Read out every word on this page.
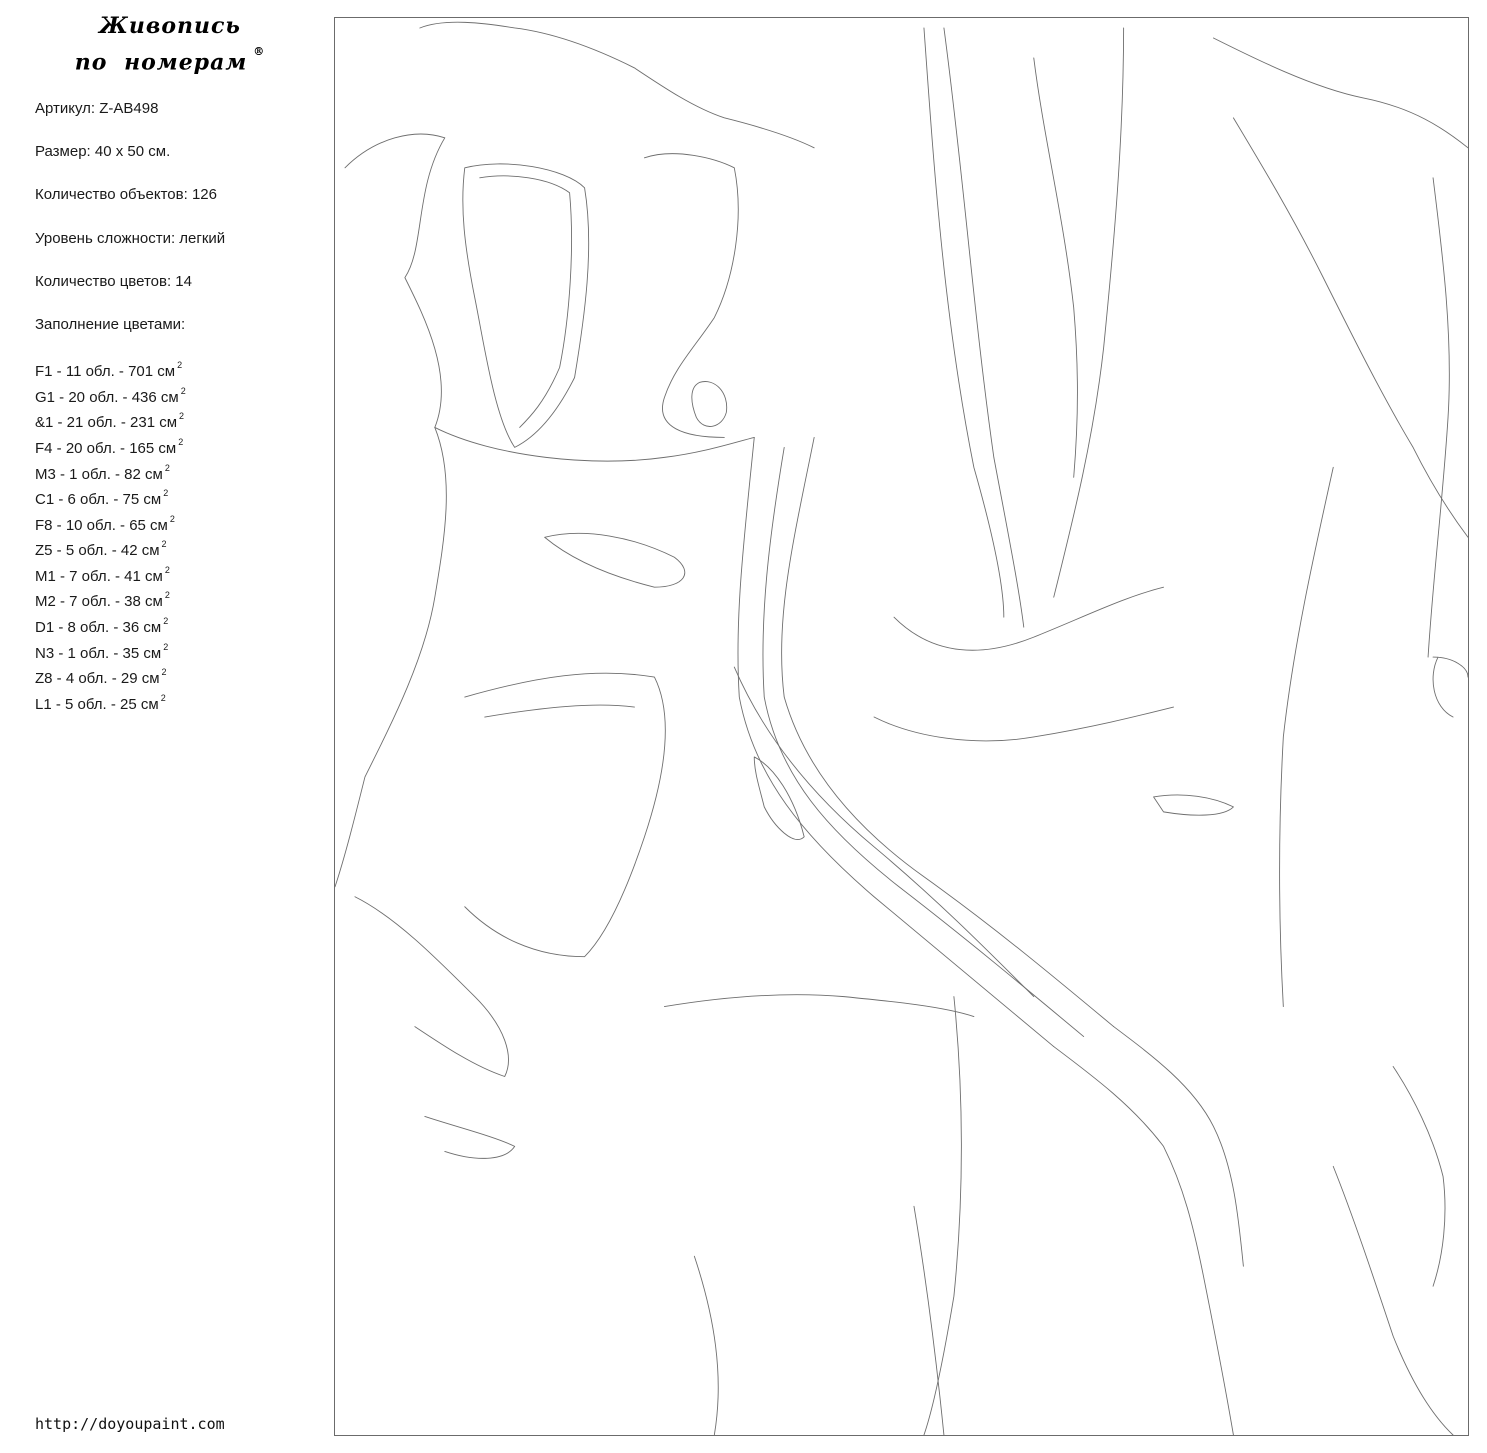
Живопись
по номерам ®
Артикул: Z-AB498
Размер: 40 х 50 см.
Количество объектов: 126
Уровень сложности: легкий
Количество цветов: 14
Заполнение цветами:
F1 - 11 обл. - 701 см $^2$
G1 - 20 обл. - 436 см $^2$
&1 - 21 обл. - 231 см $^2$
F4 - 20 обл. - 165 см $^2$
M3 - 1 обл. - 82 см $^2$
C1 - 6 обл. - 75 см $^2$
F8 - 10 обл. - 65 см $^2$
Z5 - 5 обл. - 42 см $^2$
M1 - 7 обл. - 41 см $^2$
M2 - 7 обл. - 38 см $^2$
D1 - 8 обл. - 36 см $^2$
N3 - 1 обл. - 35 см $^2$
Z8 - 4 обл. - 29 см $^2$
L1 - 5 обл. - 25 см $^2$
http://doyoupaint.com
